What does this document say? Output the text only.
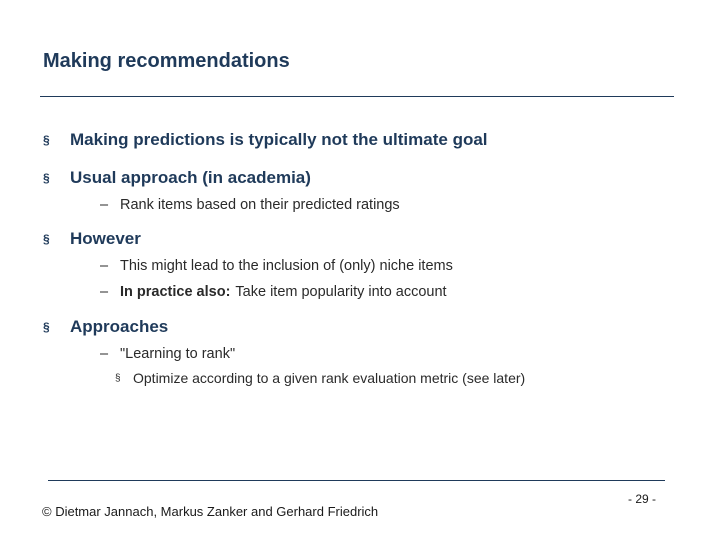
Making recommendations
§	Making predictions is typically not the ultimate goal
§	Usual approach (in academia)
– Rank items based on their predicted ratings
§	However
– This might lead to the inclusion of (only) niche items
– In practice also: Take item popularity into account
§	Approaches
– "Learning to rank"
§ Optimize according to a given rank evaluation metric (see later)
© Dietmar Jannach, Markus Zanker and Gerhard Friedrich
- 29 -
